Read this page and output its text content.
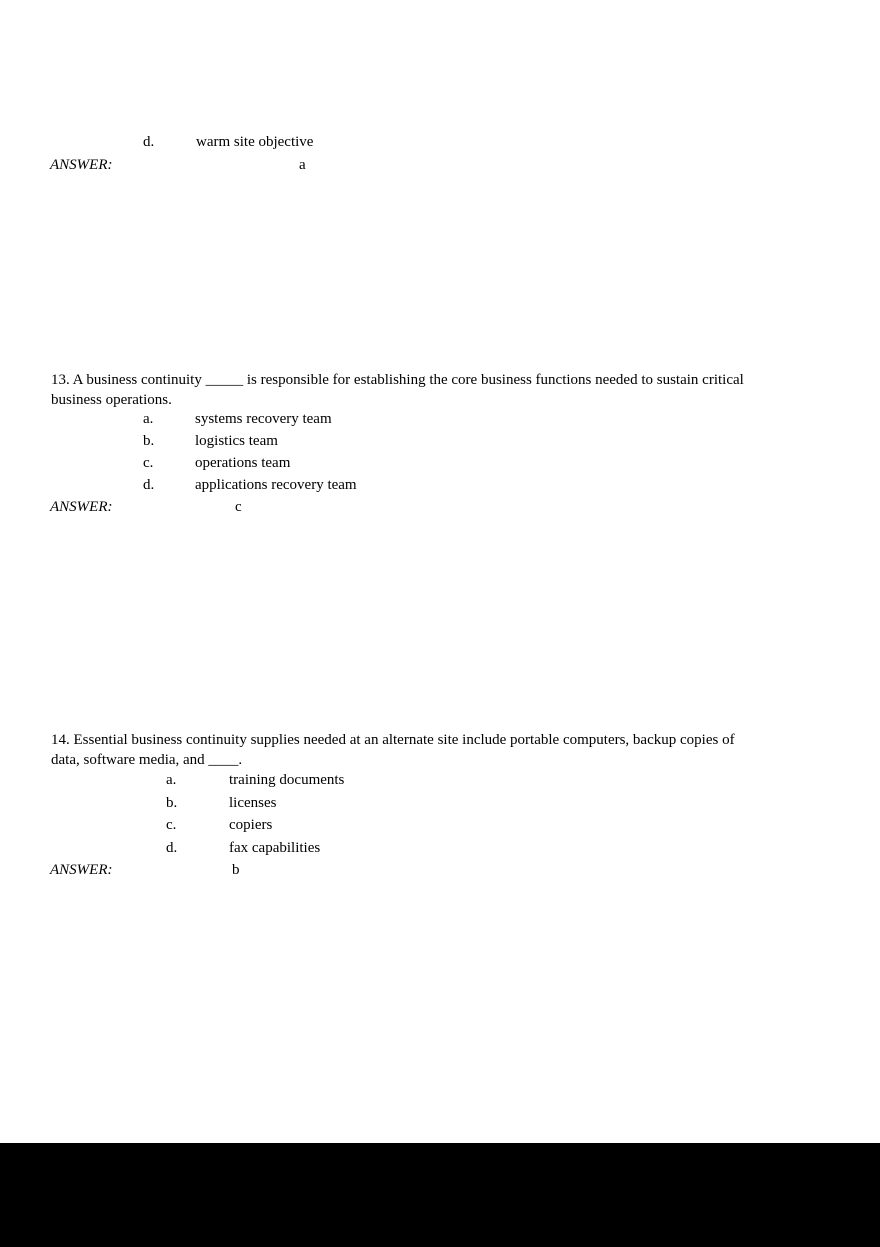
d.	warm site objective
ANSWER:	a
13. A business continuity _____ is responsible for establishing the core business functions needed to sustain critical
business operations.
a.	systems recovery team
b.	logistics team
c.	operations team
d.	applications recovery team
ANSWER:	c
14. Essential business continuity supplies needed at an alternate site include portable computers, backup copies of
data, software media, and ____.
a.	training documents
b.	licenses
c.	copiers
d.	fax capabilities
ANSWER:	b
